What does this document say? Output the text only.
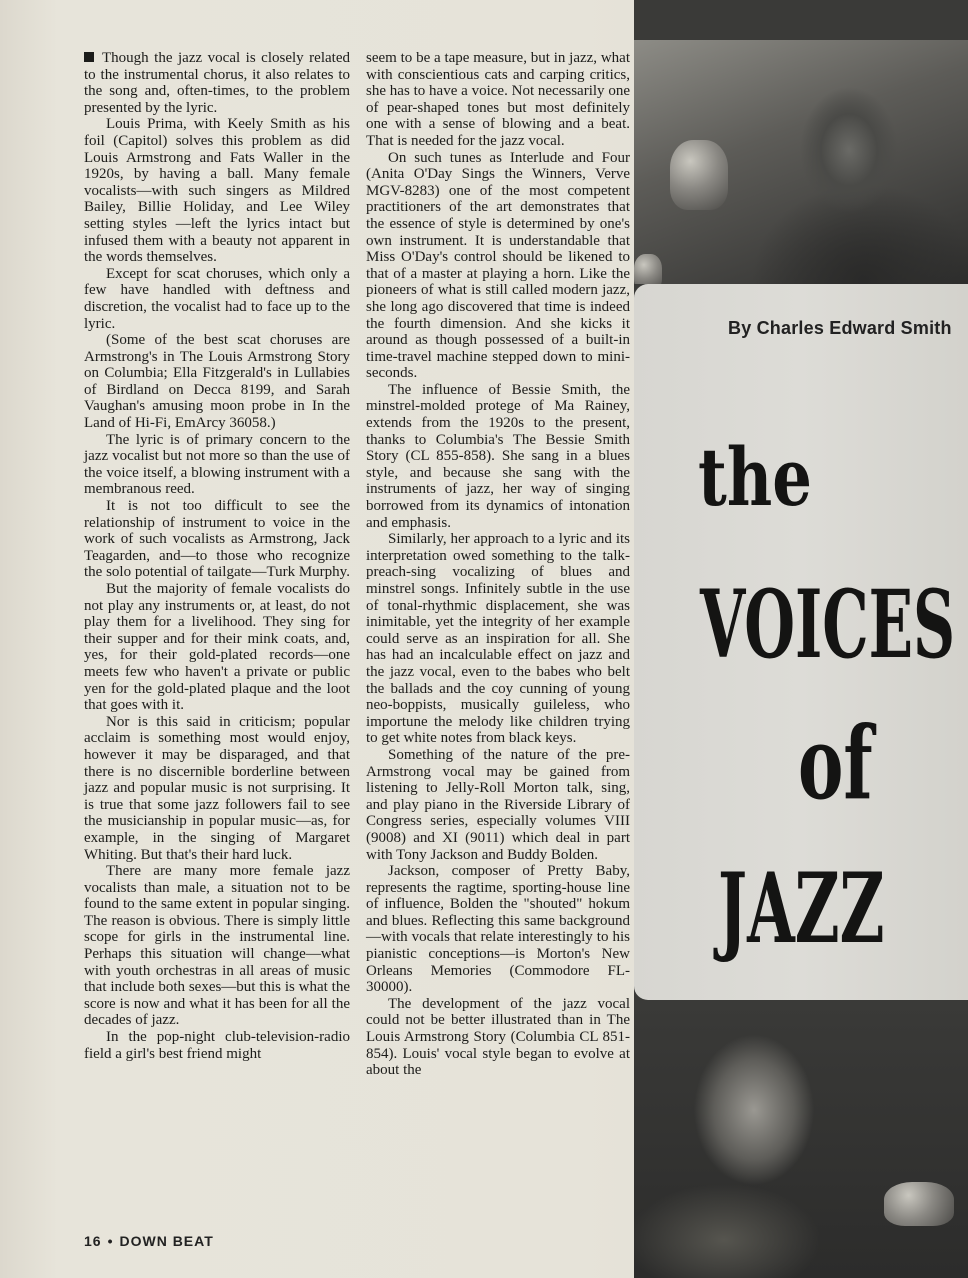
Though the jazz vocal is closely related to the instrumental chorus, it also relates to the song and, often-times, to the problem presented by the lyric.

Louis Prima, with Keely Smith as his foil (Capitol) solves this problem as did Louis Armstrong and Fats Waller in the 1920s, by having a ball. Many female vocalists—with such singers as Mildred Bailey, Billie Holiday, and Lee Wiley setting styles —left the lyrics intact but infused them with a beauty not apparent in the words themselves.

Except for scat choruses, which only a few have handled with deftness and discretion, the vocalist had to face up to the lyric.

(Some of the best scat choruses are Armstrong's in The Louis Armstrong Story on Columbia; Ella Fitzgerald's in Lullabies of Birdland on Decca 8199, and Sarah Vaughan's amusing moon probe in In the Land of Hi-Fi, EmArcy 36058.)

The lyric is of primary concern to the jazz vocalist but not more so than the use of the voice itself, a blowing instrument with a membranous reed.

It is not too difficult to see the relationship of instrument to voice in the work of such vocalists as Armstrong, Jack Teagarden, and—to those who recognize the solo potential of tailgate—Turk Murphy.

But the majority of female vocalists do not play any instruments or, at least, do not play them for a livelihood. They sing for their supper and for their mink coats, and, yes, for their gold-plated records—one meets few who haven't a private or public yen for the gold-plated plaque and the loot that goes with it.

Nor is this said in criticism; popular acclaim is something most would enjoy, however it may be disparaged, and that there is no discernible borderline between jazz and popular music is not surprising. It is true that some jazz followers fail to see the musicianship in popular music—as, for example, in the singing of Margaret Whiting. But that's their hard luck.

There are many more female jazz vocalists than male, a situation not to be found to the same extent in popular singing. The reason is obvious. There is simply little scope for girls in the instrumental line. Perhaps this situation will change—what with youth orchestras in all areas of music that include both sexes—but this is what the score is now and what it has been for all the decades of jazz.

In the pop-night club-television-radio field a girl's best friend might

seem to be a tape measure, but in jazz, what with conscientious cats and carping critics, she has to have a voice. Not necessarily one of pear-shaped tones but most definitely one with a sense of blowing and a beat. That is needed for the jazz vocal.

On such tunes as Interlude and Four (Anita O'Day Sings the Winners, Verve MGV-8283) one of the most competent practitioners of the art demonstrates that the essence of style is determined by one's own instrument. It is understandable that Miss O'Day's control should be likened to that of a master at playing a horn. Like the pioneers of what is still called modern jazz, she long ago discovered that time is indeed the fourth dimension. And she kicks it around as though possessed of a built-in time-travel machine stepped down to mini-seconds.

The influence of Bessie Smith, the minstrel-molded protege of Ma Rainey, extends from the 1920s to the present, thanks to Columbia's The Bessie Smith Story (CL 855-858). She sang in a blues style, and because she sang with the instruments of jazz, her way of singing borrowed from its dynamics of intonation and emphasis.

Similarly, her approach to a lyric and its interpretation owed something to the talk-preach-sing vocalizing of blues and minstrel songs. Infinitely subtle in the use of tonal-rhythmic displacement, she was inimitable, yet the integrity of her example could serve as an inspiration for all. She has had an incalculable effect on jazz and the jazz vocal, even to the babes who belt the ballads and the coy cunning of young neo-boppists, musically guileless, who importune the melody like children trying to get white notes from black keys.

Something of the nature of the pre-Armstrong vocal may be gained from listening to Jelly-Roll Morton talk, sing, and play piano in the Riverside Library of Congress series, especially volumes VIII (9008) and XI (9011) which deal in part with Tony Jackson and Buddy Bolden.

Jackson, composer of Pretty Baby, represents the ragtime, sporting-house line of influence, Bolden the "shouted" hokum and blues. Reflecting this same background—with vocals that relate interestingly to his pianistic conceptions—is Morton's New Orleans Memories (Commodore FL-30000).

The development of the jazz vocal could not be better illustrated than in The Louis Armstrong Story (Columbia CL 851-854). Louis' vocal style began to evolve at about the

16 • DOWN BEAT
By Charles Edward Smith
the
VOICES
of
JAZZ
